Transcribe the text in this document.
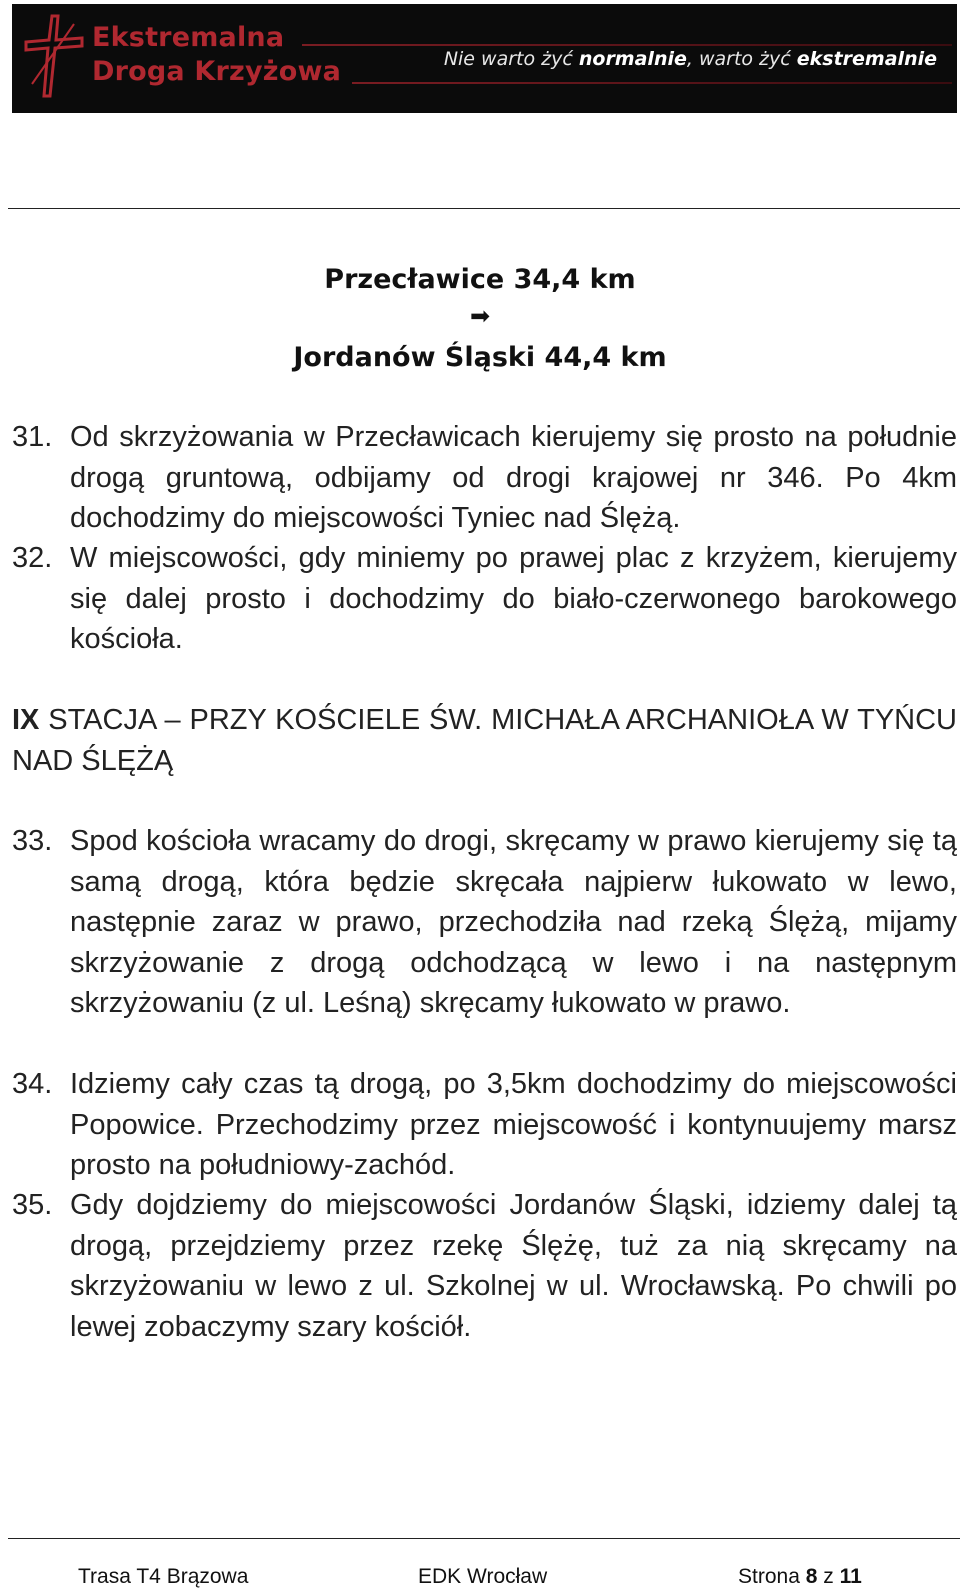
Ekstremalna
Droga Krzyżowa	Nie warto żyć normalnie, warto żyć ekstremalnie
Przecławice 34,4 km
➡
Jordanów Śląski 44,4 km
31. Od skrzyżowania w Przecławicach kierujemy się prosto na południe drogą gruntową, odbijamy od drogi krajowej nr 346. Po 4km dochodzimy do miejscowości Tyniec nad Ślężą.
32. W miejscowości, gdy miniemy po prawej plac z krzyżem, kierujemy się dalej prosto i dochodzimy do biało-czerwonego barokowego kościoła.
IX STACJA – PRZY KOŚCIELE ŚW. MICHAŁA ARCHANIOŁA W TYŃCU NAD ŚLĘŻĄ
33. Spod kościoła wracamy do drogi, skręcamy w prawo kierujemy się tą samą drogą, która będzie skręcała najpierw łukowato w lewo, następnie zaraz w prawo, przechodziła nad rzeką Ślężą, mijamy skrzyżowanie z drogą odchodzącą w lewo i na następnym skrzyżowaniu (z ul. Leśną) skręcamy łukowato w prawo.
34. Idziemy cały czas tą drogą, po 3,5km dochodzimy do miejscowości Popowice. Przechodzimy przez miejscowość i kontynuujemy marsz prosto na południowy-zachód.
35. Gdy dojdziemy do miejscowości Jordanów Śląski, idziemy dalej tą drogą, przejdziemy przez rzekę Ślężę, tuż za nią skręcamy na skrzyżowaniu w lewo z ul. Szkolnej w ul. Wrocławską. Po chwili po lewej zobaczymy szary kościół.
Trasa T4 Brązowa	EDK Wrocław	Strona 8 z 11
